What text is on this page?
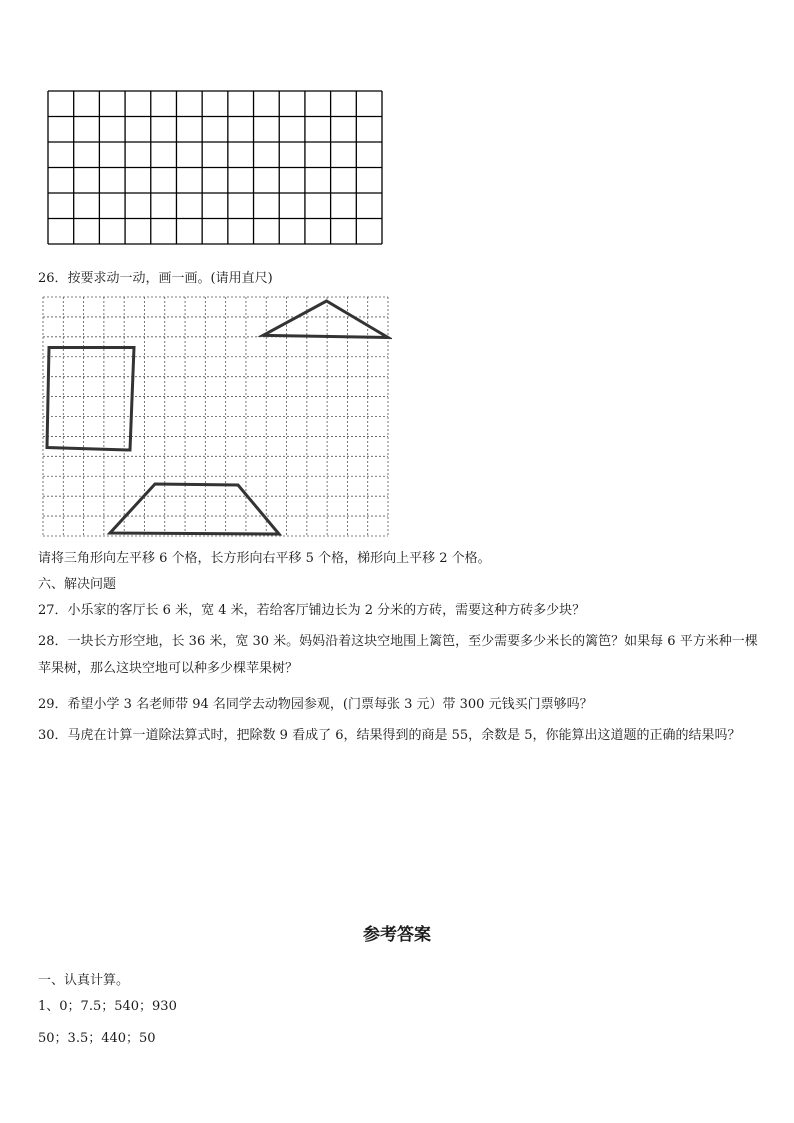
26．按要求动一动，画一画。(请用直尺)
请将三角形向左平移 6 个格，长方形向右平移 5 个格，梯形向上平移 2 个格。
六、解决问题
27．小乐家的客厅长 6 米，宽 4 米，若给客厅铺边长为 2 分米的方砖，需要这种方砖多少块？
28．一块长方形空地，长 36 米，宽 30 米。妈妈沿着这块空地围上篱笆，至少需要多少米长的篱笆？如果每 6 平方米种一棵苹果树，那么这块空地可以种多少棵苹果树？
29．希望小学 3 名老师带 94 名同学去动物园参观，(门票每张 3 元）带 300 元钱买门票够吗？
30．马虎在计算一道除法算式时，把除数 9 看成了 6，结果得到的商是 55，余数是 5，你能算出这道题的正确的结果吗？
参考答案
一、认真计算。
1、0；7.5；540；930
50；3.5；440；50
